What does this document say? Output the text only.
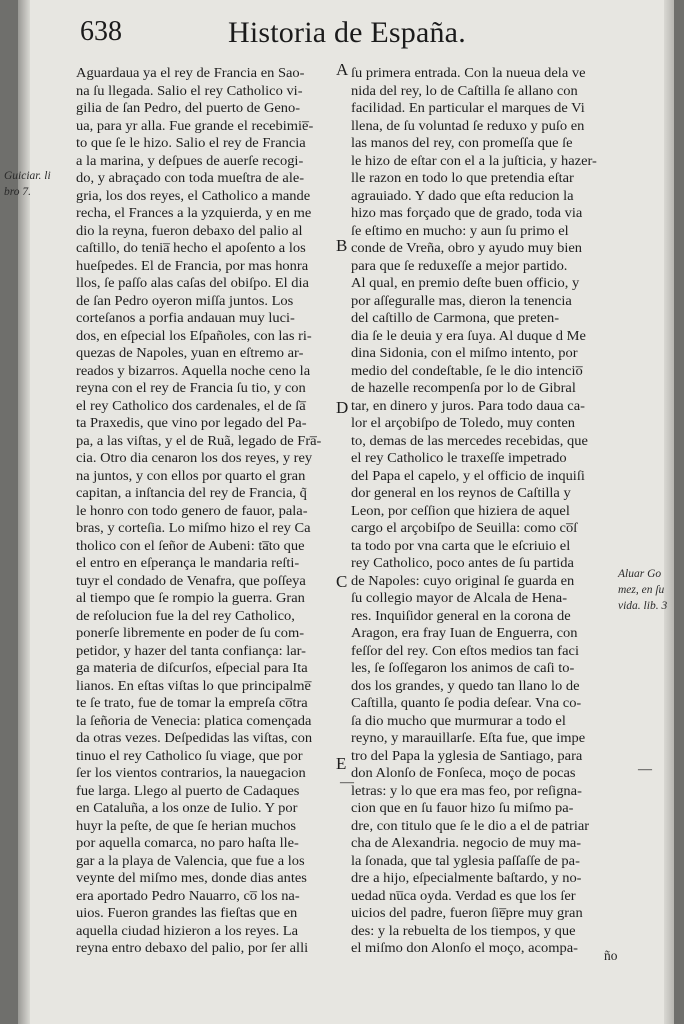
638	Historia de España.
Aguardaua ya el rey de Francia en Sao-
na ſu llegada. Salio el rey Catholico vi-
gilia de ſan Pedro, del puerto de Geno-
ua, para yr alla. Fue grande el recebimie̅-
to que ſe le hizo. Salio el rey de Francia
a la marina, y deſpues de auerſe recogi-
do, y abraçado con toda mueſtra de ale-
gria, los dos reyes, el Catholico a mande
recha, el Frances a la yzquierda, y en me
dio la reyna, fueron debaxo del palio al
caſtillo, do tenia̅ hecho el apoſento a los
hueſpedes. El de Francia, por mas honra
llos, ſe paſſo alas caſas del obiſpo. El dia
de ſan Pedro oyeron miſſa juntos. Los
corteſanos a porfia andauan muy luci-
dos, en eſpecial los Eſpañoles, con las ri-
quezas de Napoles, yuan en eſtremo ar-
reados y bizarros. Aquella noche ceno la
reyna con el rey de Francia ſu tio, y con
el rey Catholico dos cardenales, el de ſa̅
ta Praxedis, que vino por legado del Pa-
pa, a las viſtas, y el de Ruã, legado de Fra̅-
cia. Otro dia cenaron los dos reyes, y rey
na juntos, y con ellos por quarto el gran
capitan, a inſtancia del rey de Francia, q̃
le honro con todo genero de fauor, pala-
bras, y corteſia. Lo miſmo hizo el rey Ca
tholico con el ſeñor de Aubeni: ta̅to que
el entro en eſperança le mandaria reſti-
tuyr el condado de Venafra, que poſſeya
al tiempo que ſe rompio la guerra. Gran
de reſolucion fue la del rey Catholico,
ponerſe libremente en poder de ſu com-
petidor, y hazer del tanta confiança: lar-
ga materia de diſcurſos, eſpecial para Ita
lianos. En eſtas viſtas lo que principalme̅
te ſe trato, fue de tomar la empreſa co̅tra
la ſeñoria de Venecia: platica començada
da otras vezes. Deſpedidas las viſtas, con
tinuo el rey Catholico ſu viage, que por
ſer los vientos contrarios, la nauegacion
fue larga. Llego al puerto de Cadaques
en Cataluña, a los onze de Iulio. Y por
huyr la peſte, de que ſe herian muchos
por aquella comarca, no paro haſta lle-
gar a la playa de Valencia, que fue a los
veynte del miſmo mes, donde dias antes
era aportado Pedro Nauarro, co̅ los na-
uios. Fueron grandes las fieſtas que en
aquella ciudad hizieron a los reyes. La
reyna entro debaxo del palio, por ſer alli
ſu primera entrada. Con la nueua dela ve
nida del rey, lo de Caſtilla ſe allano con
facilidad. En particular el marques de Vi
llena, de ſu voluntad ſe reduxo y puſo en
las manos del rey, con promeſſa que ſe
le hizo de eſtar con el a la juſticia, y hazer-
lle razon en todo lo que pretendia eſtar
agrauiado. Y dado que eſta reducion la
hizo mas forçado que de grado, toda via
ſe eſtimo en mucho: y aun ſu primo el
conde de Vreña, obro y ayudo muy bien
para que ſe reduxeſſe a mejor partido.
Al qual, en premio deſte buen officio, y
por aſſeguralle mas, dieron la tenencia
del caſtillo de Carmona, que preten-
dia ſe le deuia y era ſuya. Al duque d Me
dina Sidonia, con el miſmo intento, por
medio del condeſtable, ſe le dio intencio̅
de hazelle recompenſa por lo de Gibral
tar, en dinero y juros. Para todo daua ca-
lor el arçobiſpo de Toledo, muy conten
to, demas de las mercedes recebidas, que
el rey Catholico le traxeſſe impetrado
del Papa el capelo, y el officio de inquiſi
dor general en los reynos de Caſtilla y
Leon, por ceſſion que hiziera de aquel
cargo el arçobiſpo de Seuilla: como co̅ſ
ta todo por vna carta que le eſcriuio el
rey Catholico, poco antes de ſu partida
de Napoles: cuyo original ſe guarda en
ſu collegio mayor de Alcala de Hena-
res. Inquiſidor general en la corona de
Aragon, era fray Iuan de Enguerra, con
feſſor del rey. Con eſtos medios tan faci
les, ſe ſoſſegaron los animos de caſi to-
dos los grandes, y quedo tan llano lo de
Caſtilla, quanto ſe podia deſear. Vna co-
ſa dio mucho que murmurar a todo el
reyno, y marauillarſe. Eſta fue, que impe
tro del Papa la yglesia de Santiago, para
don Alonſo de Fonſeca, moço de pocas
letras: y lo que era mas feo, por reſigna-
cion que en ſu fauor hizo ſu miſmo pa-
dre, con titulo que ſe le dio a el de patriar
cha de Alexandria. negocio de muy ma-
la ſonada, que tal yglesia paſſaſſe de pa-
dre a hijo, eſpecialmente baſtardo, y no-
uedad nu̅ca oyda. Verdad es que los ſer
uicios del padre, fueron ſie̅pre muy gran
des: y la rebuelta de los tiempos, y que
el miſmo don Alonſo el moço, acompa-
A
B
D
C
E
—
—
Guiciar. li
bro 7.
Aluar Go
mez, en ſu
vida. lib. 3
ño
